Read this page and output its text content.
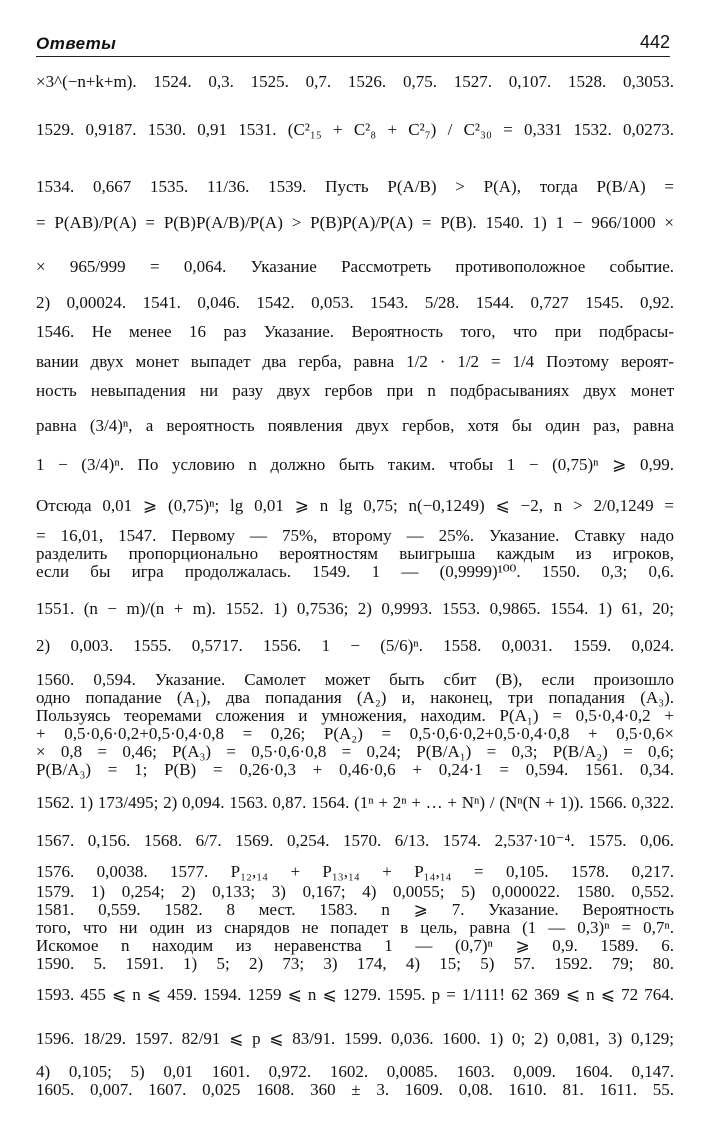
Ответы	442
×3^(−n+k+m). 1524. 0,3. 1525. 0,7. 1526. 0,75. 1527. 0,107. 1528. 0,3053.
1529. 0,9187. 1530. 0,91 1531. (C²₁₅ + C²₈ + C²₇) / C²₃₀ = 0,331 1532. 0,0273.
1534. 0,667 1535. 11/36. 1539. Пусть P(A/B) > P(A), тогда P(B/A) =
= P(AB)/P(A) = P(B)P(A/B)/P(A) > P(B)P(A)/P(A) = P(B). 1540. 1) 1 − 966/1000 ×
× 965/999 = 0,064. Указание Рассмотреть противоположное событие.
2) 0,00024. 1541. 0,046. 1542. 0,053. 1543. 5/28. 1544. 0,727 1545. 0,92.
1546. Не менее 16 раз Указание. Вероятность того, что при подбрасы-
вании двух монет выпадет два герба, равна 1/2 · 1/2 = 1/4 Поэтому вероят-
ность невыпадения ни разу двух гербов при n подбрасываниях двух монет
равна (3/4)ⁿ, а вероятность появления двух гербов, хотя бы один раз, равна
1 − (3/4)ⁿ. По условию n должно быть таким. чтобы 1 − (0,75)ⁿ ⩾ 0,99.
Отсюда 0,01 ⩾ (0,75)ⁿ; lg 0,01 ⩾ n lg 0,75; n(−0,1249) ⩽ −2, n > 2/0,1249 =
= 16,01, 1547. Первому — 75%, второму — 25%. Указание. Ставку надо
разделить пропорционально вероятностям выигрыша каждым из игроков,
если бы игра продолжалась. 1549. 1 — (0,9999)¹⁰⁰. 1550. 0,3; 0,6.
1551. (n − m)/(n + m). 1552. 1) 0,7536; 2) 0,9993. 1553. 0,9865. 1554. 1) 61, 20;
2) 0,003. 1555. 0,5717. 1556. 1 − (5/6)ⁿ. 1558. 0,0031. 1559. 0,024.
1560. 0,594. Указание. Самолет может быть сбит (B), если произошло
одно попадание (A₁), два попадания (A₂) и, наконец, три попадания (A₃).
Пользуясь теоремами сложения и умножения, находим. P(A₁) = 0,5·0,4·0,2 +
+ 0,5·0,6·0,2+0,5·0,4·0,8 = 0,26; P(A₂) = 0,5·0,6·0,2+0,5·0,4·0,8 + 0,5·0,6×
× 0,8 = 0,46; P(A₃) = 0,5·0,6·0,8 = 0,24; P(B/A₁) = 0,3; P(B/A₂) = 0,6;
P(B/A₃) = 1; P(B) = 0,26·0,3 + 0,46·0,6 + 0,24·1 = 0,594. 1561. 0,34.
1562. 1) 173/495; 2) 0,094. 1563. 0,87. 1564. (1ⁿ + 2ⁿ + … + Nⁿ) / (Nⁿ(N + 1)). 1566. 0,322.
1567. 0,156. 1568. 6/7. 1569. 0,254. 1570. 6/13. 1574. 2,537·10⁻⁴. 1575. 0,06.
1576. 0,0038. 1577. P₁₂,₁₄ + P₁₃,₁₄ + P₁₄,₁₄ = 0,105. 1578. 0,217.
1579. 1) 0,254; 2) 0,133; 3) 0,167; 4) 0,0055; 5) 0,000022. 1580. 0,552.
1581. 0,559. 1582. 8 мест. 1583. n ⩾ 7. Указание. Вероятность
того, что ни один из снарядов не попадет в цель, равна (1 — 0,3)ⁿ = 0,7ⁿ.
Искомое n находим из неравенства 1 — (0,7)ⁿ ⩾ 0,9. 1589. 6.
1590. 5. 1591. 1) 5; 2) 73; 3) 174, 4) 15; 5) 57. 1592. 79; 80.
1593. 455 ⩽ n ⩽ 459. 1594. 1259 ⩽ n ⩽ 1279. 1595. p = 1/111! 62 369 ⩽ n ⩽ 72 764.
1596. 18/29. 1597. 82/91 ⩽ p ⩽ 83/91. 1599. 0,036. 1600. 1) 0; 2) 0,081, 3) 0,129;
4) 0,105; 5) 0,01 1601. 0,972. 1602. 0,0085. 1603. 0,009. 1604. 0,147.
1605. 0,007. 1607. 0,025 1608. 360 ± 3. 1609. 0,08. 1610. 81. 1611. 55.
